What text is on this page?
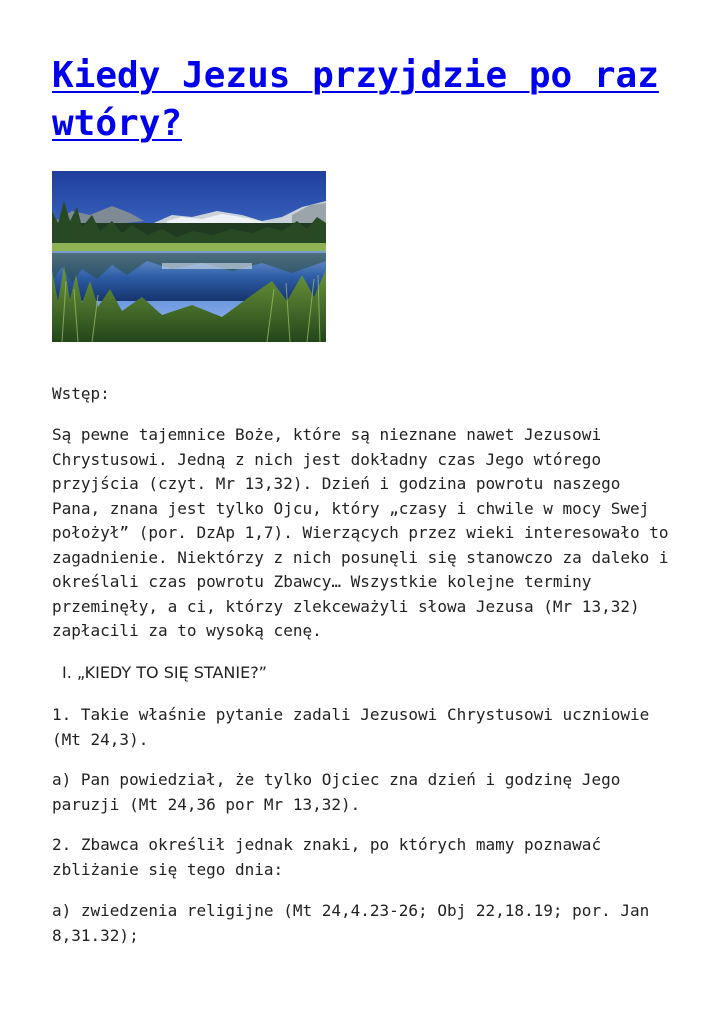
Kiedy Jezus przyjdzie po raz wtóry?

Wstęp:

Są pewne tajemnice Boże, które są nieznane nawet Jezusowi Chrystusowi. Jedną z nich jest dokładny czas Jego wtórego przyjścia (czyt. Mr 13,32). Dzień i godzina powrotu naszego Pana, znana jest tylko Ojcu, który „czasy i chwile w mocy Swej położył” (por. DzAp 1,7). Wierzących przez wieki interesowało to zagadnienie. Niektórzy z nich posunęli się stanowczo za daleko i określali czas powrotu Zbawcy… Wszystkie kolejne terminy przeminęły, a ci, którzy zlekceważyli słowa Jezusa (Mr 13,32) zapłacili za to wysoką cenę.

I. „KIEDY TO SIĘ STANIE?”

1. Takie właśnie pytanie zadali Jezusowi Chrystusowi uczniowie (Mt 24,3).

a) Pan powiedział, że tylko Ojciec zna dzień i godzinę Jego paruzji (Mt 24,36 por Mr 13,32).

2. Zbawca określił jednak znaki, po których mamy poznawać zbliżanie się tego dnia:

a) zwiedzenia religijne (Mt 24,4.23-26; Obj 22,18.19; por. Jan 8,31.32);
